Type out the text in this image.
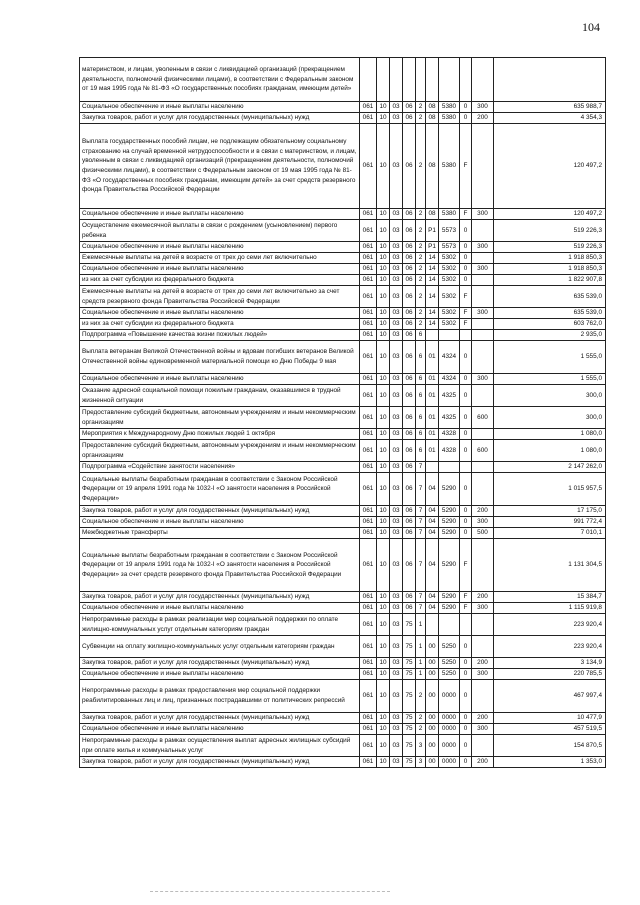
104
материнством, и лицам, уволенным в связи с ликвидацией организаций (прекращением деятельности, полномочий физическими лицами), в соответствии с Федеральным законом от 19 мая 1995 года № 81-ФЗ «О государственных пособиях гражданам, имеющим детей»										
Социальное обеспечение и иные выплаты населению	061	10	03	06	2	08	5380	0	300	635 988,7
Закупка товаров, работ и услуг для государственных (муниципальных) нужд	061	10	03	06	2	08	5380	0	200	4 354,3
Выплата государственных пособий лицам, не подлежащим обязательному социальному страхованию на случай временной нетрудоспособности и в связи с материнством, и лицам, уволенным в связи с ликвидацией организаций (прекращением деятельности, полномочий физическими лицами), в соответствии с Федеральным законом от 19 мая 1995 года № 81-ФЗ «О государственных пособиях гражданам, имеющим детей» за счет средств резервного фонда Правительства Российской Федерации	061	10	03	06	2	08	5380	F		120 497,2
Социальное обеспечение и иные выплаты населению	061	10	03	06	2	08	5380	F	300	120 497,2
Осуществление ежемесячной выплаты в связи с рождением (усыновлением) первого ребенка	061	10	03	06	2	P1	5573	0		519 226,3
Социальное обеспечение и иные выплаты населению	061	10	03	06	2	P1	5573	0	300	519 226,3
Ежемесячные выплаты на детей в возрасте от трех до семи лет включительно	061	10	03	06	2	14	5302	0		1 918 850,3
Социальное обеспечение и иные выплаты населению	061	10	03	06	2	14	5302	0	300	1 918 850,3
из них за счет субсидии из федерального бюджета	061	10	03	06	2	14	5302	0		1 822 907,8
Ежемесячные выплаты на детей в возрасте от трех до семи лет включительно за счет средств резервного фонда Правительства Российской Федерации	061	10	03	06	2	14	5302	F		635 539,0
Социальное обеспечение и иные выплаты населению	061	10	03	06	2	14	5302	F	300	635 539,0
из них за счет субсидии из федерального бюджета	061	10	03	06	2	14	5302	F		603 762,0
Подпрограмма «Повышение качества жизни пожилых людей»	061	10	03	06	6					2 935,0
Выплата ветеранам Великой Отечественной войны и вдовам погибших ветеранов Великой Отечественной войны единовременной материальной помощи ко Дню Победы 9 мая	061	10	03	06	6	01	4324	0		1 555,0
Социальное обеспечение и иные выплаты населению	061	10	03	06	6	01	4324	0	300	1 555,0
Оказание адресной социальной помощи пожилым гражданам, оказавшимся в трудной жизненной ситуации	061	10	03	06	6	01	4325	0		300,0
Предоставление субсидий бюджетным, автономным учреждениям и иным некоммерческим организациям	061	10	03	06	6	01	4325	0	600	300,0
Мероприятия к Международному Дню пожилых людей 1 октября	061	10	03	06	6	01	4328	0		1 080,0
Предоставление субсидий бюджетным, автономным учреждениям и иным некоммерческим организациям	061	10	03	06	6	01	4328	0	600	1 080,0
Подпрограмма «Содействие занятости населения»	061	10	03	06	7					2 147 262,0
Социальные выплаты безработным гражданам в соответствии с Законом Российской Федерации от 19 апреля 1991 года № 1032-I «О занятости населения в Российской Федерации»	061	10	03	06	7	04	5290	0		1 015 957,5
Закупка товаров, работ и услуг для государственных (муниципальных) нужд	061	10	03	06	7	04	5290	0	200	17 175,0
Социальное обеспечение и иные выплаты населению	061	10	03	06	7	04	5290	0	300	991 772,4
Межбюджетные трансферты	061	10	03	06	7	04	5290	0	500	7 010,1
Социальные выплаты безработным гражданам в соответствии с Законом Российской Федерации от 19 апреля 1991 года № 1032-I «О занятости населения в Российской Федерации» за счет средств резервного фонда Правительства Российской Федерации	061	10	03	06	7	04	5290	F		1 131 304,5
Закупка товаров, работ и услуг для государственных (муниципальных) нужд	061	10	03	06	7	04	5290	F	200	15 384,7
Социальное обеспечение и иные выплаты населению	061	10	03	06	7	04	5290	F	300	1 115 919,8
Непрограммные расходы в рамках реализации мер социальной поддержки по оплате жилищно-коммунальных услуг отдельным категориям граждан	061	10	03	75	1					223 920,4
Субвенции на оплату жилищно-коммунальных услуг отдельным категориям граждан	061	10	03	75	1	00	5250	0		223 920,4
Закупка товаров, работ и услуг для государственных (муниципальных) нужд	061	10	03	75	1	00	5250	0	200	3 134,9
Социальное обеспечение и иные выплаты населению	061	10	03	75	1	00	5250	0	300	220 785,5
Непрограммные расходы в рамках предоставления мер социальной поддержки реабилитированных лиц и лиц, признанных пострадавшими от политических репрессий	061	10	03	75	2	00	0000	0		467 997,4
Закупка товаров, работ и услуг для государственных (муниципальных) нужд	061	10	03	75	2	00	0000	0	200	10 477,9
Социальное обеспечение и иные выплаты населению	061	10	03	75	2	00	0000	0	300	457 519,5
Непрограммные расходы в рамках осуществления выплат адресных жилищных субсидий при оплате жилья и коммунальных услуг	061	10	03	75	3	00	0000	0		154 870,5
Закупка товаров, работ и услуг для государственных (муниципальных) нужд	061	10	03	75	3	00	0000	0	200	1 353,0
